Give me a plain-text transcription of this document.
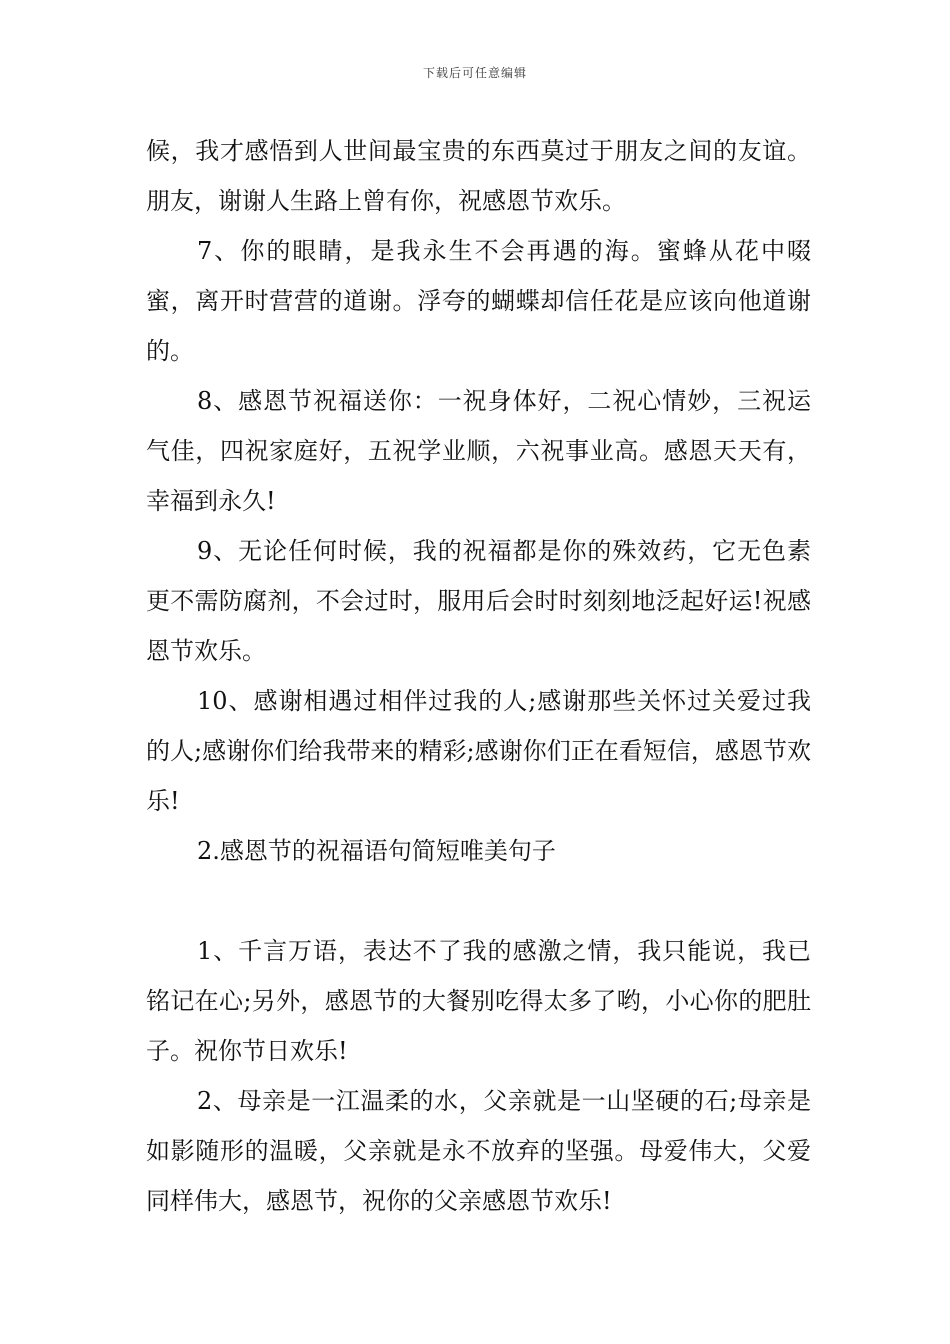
下载后可任意编辑

候，我才感悟到人世间最宝贵的东西莫过于朋友之间的友谊。朋友，谢谢人生路上曾有你，祝感恩节欢乐。

7、你的眼睛，是我永生不会再遇的海。蜜蜂从花中啜蜜，离开时营营的道谢。浮夸的蝴蝶却信任花是应该向他道谢的。

8、感恩节祝福送你：一祝身体好，二祝心情妙，三祝运气佳，四祝家庭好，五祝学业顺，六祝事业高。感恩天天有，幸福到永久!

9、无论任何时候，我的祝福都是你的殊效药，它无色素更不需防腐剂，不会过时，服用后会时时刻刻地泛起好运!祝感恩节欢乐。

10、感谢相遇过相伴过我的人;感谢那些关怀过关爱过我的人;感谢你们给我带来的精彩;感谢你们正在看短信，感恩节欢乐!

2.感恩节的祝福语句简短唯美句子

1、千言万语，表达不了我的感激之情，我只能说，我已铭记在心;另外，感恩节的大餐别吃得太多了哟，小心你的肥肚子。祝你节日欢乐!

2、母亲是一江温柔的水，父亲就是一山坚硬的石;母亲是如影随形的温暖，父亲就是永不放弃的坚强。母爱伟大，父爱同样伟大，感恩节，祝你的父亲感恩节欢乐!
